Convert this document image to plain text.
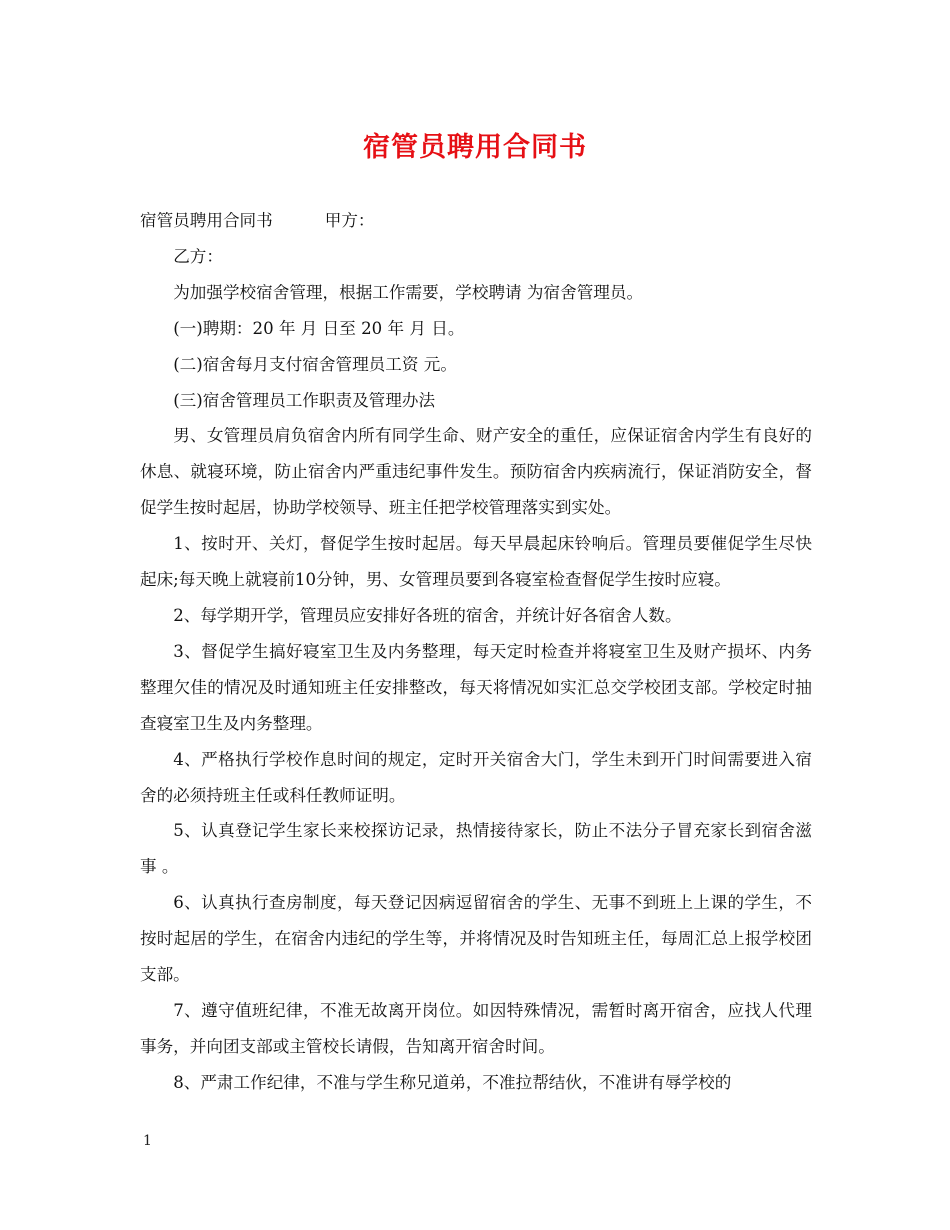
宿管员聘用合同书

宿管员聘用合同书	甲方：

乙方：

为加强学校宿舍管理，根据工作需要，学校聘请 为宿舍管理员。

(一)聘期：20 年 月 日至 20 年 月 日。

(二)宿舍每月支付宿舍管理员工资 元。

(三)宿舍管理员工作职责及管理办法

男、女管理员肩负宿舍内所有同学生命、财产安全的重任，应保证宿舍内学生有良好的休息、就寝环境，防止宿舍内严重违纪事件发生。预防宿舍内疾病流行，保证消防安全，督促学生按时起居，协助学校领导、班主任把学校管理落实到实处。

1、按时开、关灯，督促学生按时起居。每天早晨起床铃响后。管理员要催促学生尽快起床;每天晚上就寝前10分钟，男、女管理员要到各寝室检查督促学生按时应寝。

2、每学期开学，管理员应安排好各班的宿舍，并统计好各宿舍人数。

3、督促学生搞好寝室卫生及内务整理，每天定时检查并将寝室卫生及财产损坏、内务整理欠佳的情况及时通知班主任安排整改，每天将情况如实汇总交学校团支部。学校定时抽查寝室卫生及内务整理。

4、严格执行学校作息时间的规定，定时开关宿舍大门，学生未到开门时间需要进入宿舍的必须持班主任或科任教师证明。

5、认真登记学生家长来校探访记录，热情接待家长，防止不法分子冒充家长到宿舍滋事 。

6、认真执行查房制度，每天登记因病逗留宿舍的学生、无事不到班上上课的学生，不按时起居的学生，在宿舍内违纪的学生等，并将情况及时告知班主任，每周汇总上报学校团支部。

7、遵守值班纪律，不准无故离开岗位。如因特殊情况，需暂时离开宿舍，应找人代理事务，并向团支部或主管校长请假，告知离开宿舍时间。

8、严肃工作纪律，不准与学生称兄道弟，不准拉帮结伙，不准讲有辱学校的

1
